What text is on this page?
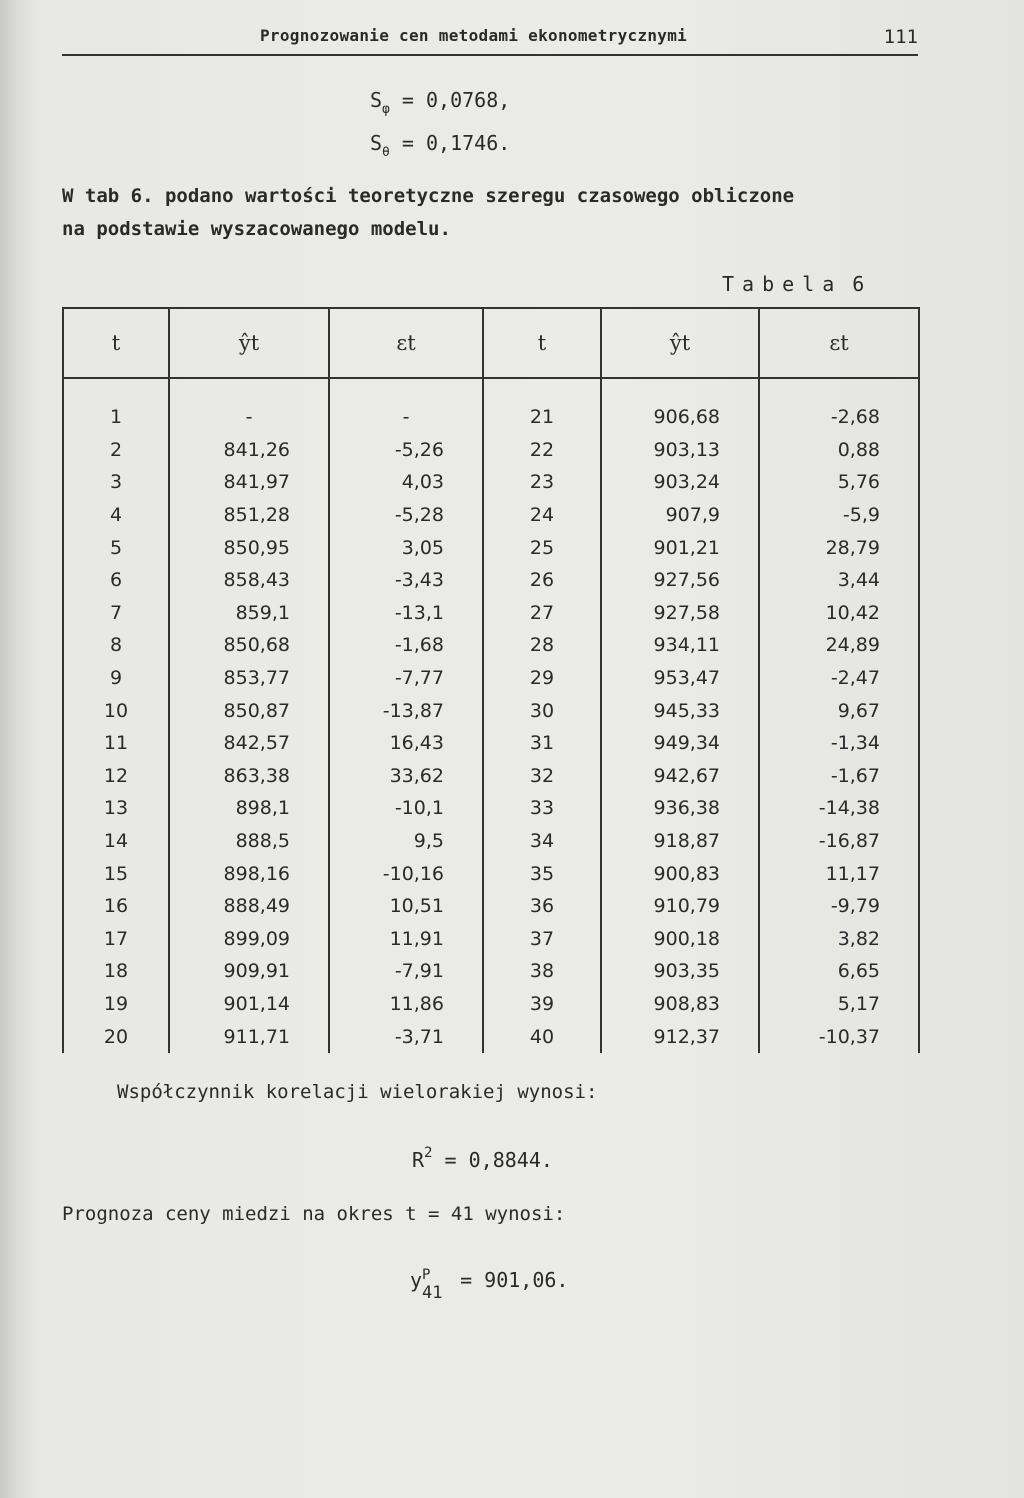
Prognozowanie cen metodami ekonometrycznymi	111
$S_\varphi = 0,0768$,
$S_\theta = 0,1746$.
W tab 6. podano wartości teoretyczne szeregu czasowego obliczone
na podstawie wyszacowanego modelu.
Tabela 6
t	ŷt	εt	t	ŷt	εt
1	-	-	21	906,68	-2,68
2	841,26	-5,26	22	903,13	0,88
3	841,97	4,03	23	903,24	5,76
4	851,28	-5,28	24	907,9	-5,9
5	850,95	3,05	25	901,21	28,79
6	858,43	-3,43	26	927,56	3,44
7	859,1	-13,1	27	927,58	10,42
8	850,68	-1,68	28	934,11	24,89
9	853,77	-7,77	29	953,47	-2,47
10	850,87	-13,87	30	945,33	9,67
11	842,57	16,43	31	949,34	-1,34
12	863,38	33,62	32	942,67	-1,67
13	898,1	-10,1	33	936,38	-14,38
14	888,5	9,5	34	918,87	-16,87
15	898,16	-10,16	35	900,83	11,17
16	888,49	10,51	36	910,79	-9,79
17	899,09	11,91	37	900,18	3,82
18	909,91	-7,91	38	903,35	6,65
19	901,14	11,86	39	908,83	5,17
20	911,71	-3,71	40	912,37	-10,37
Współczynnik korelacji wielorakiej wynosi:
$R^2 = 0,8844$.
Prognoza ceny miedzi na okres t = 41 wynosi:
y P
41
= 901,06.
